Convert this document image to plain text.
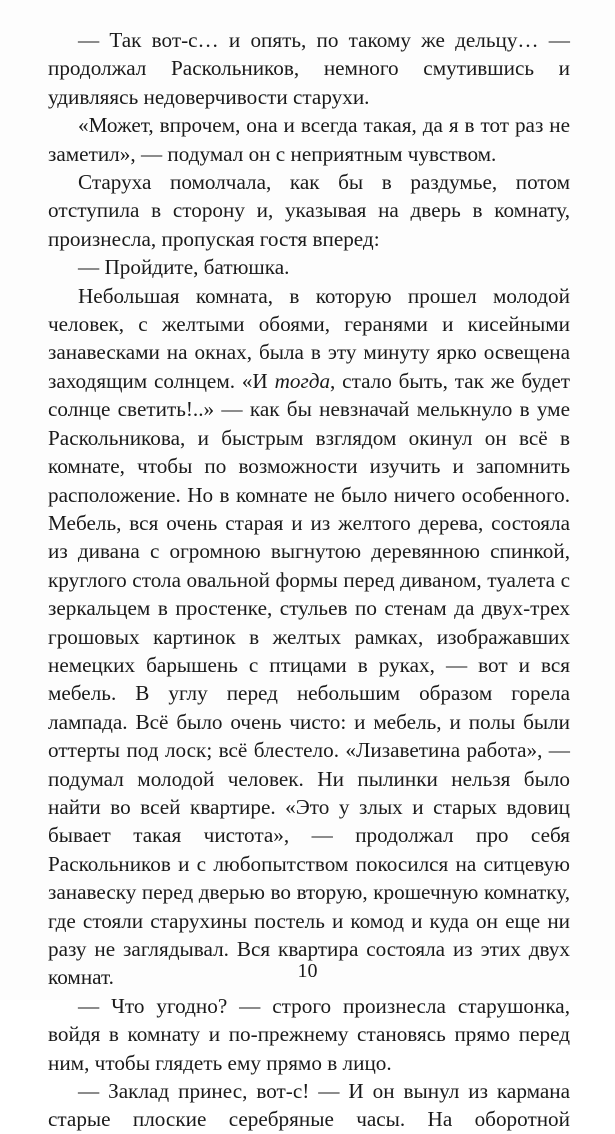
— Так вот-с… и опять, по такому же дельцу… — продолжал Раскольников, немного смутившись и удивляясь недоверчивости старухи.

«Может, впрочем, она и всегда такая, да я в тот раз не заметил», — подумал он с неприятным чувством.

Старуха помолчала, как бы в раздумье, потом отступила в сторону и, указывая на дверь в комнату, произнесла, пропуская гостя вперед:

— Пройдите, батюшка.

Небольшая комната, в которую прошел молодой человек, с желтыми обоями, геранями и кисейными занавесками на окнах, была в эту минуту ярко освещена заходящим солнцем. «И тогда, стало быть, так же будет солнце светить!..» — как бы невзначай мелькнуло в уме Раскольникова, и быстрым взглядом окинул он всё в комнате, чтобы по возможности изучить и запомнить расположение. Но в комнате не было ничего особенного. Мебель, вся очень старая и из желтого дерева, состояла из дивана с огромною выгнутою деревянною спинкой, круглого стола овальной формы перед диваном, туалета с зеркальцем в простенке, стульев по стенам да двух-трех грошовых картинок в желтых рамках, изображавших немецких барышень с птицами в руках, — вот и вся мебель. В углу перед небольшим образом горела лампада. Всё было очень чисто: и мебель, и полы были оттерты под лоск; всё блестело. «Лизаветина работа», — подумал молодой человек. Ни пылинки нельзя было найти во всей квартире. «Это у злых и старых вдовиц бывает такая чистота», — продолжал про себя Раскольников и с любопытством покосился на ситцевую занавеску перед дверью во вторую, крошечную комнатку, где стояли старухины постель и комод и куда он еще ни разу не заглядывал. Вся квартира состояла из этих двух комнат.

— Что угодно? — строго произнесла старушонка, войдя в комнату и по-прежнему становясь прямо перед ним, чтобы глядеть ему прямо в лицо.

— Заклад принес, вот-с! — И он вынул из кармана старые плоские серебряные часы. На оборотной

10
